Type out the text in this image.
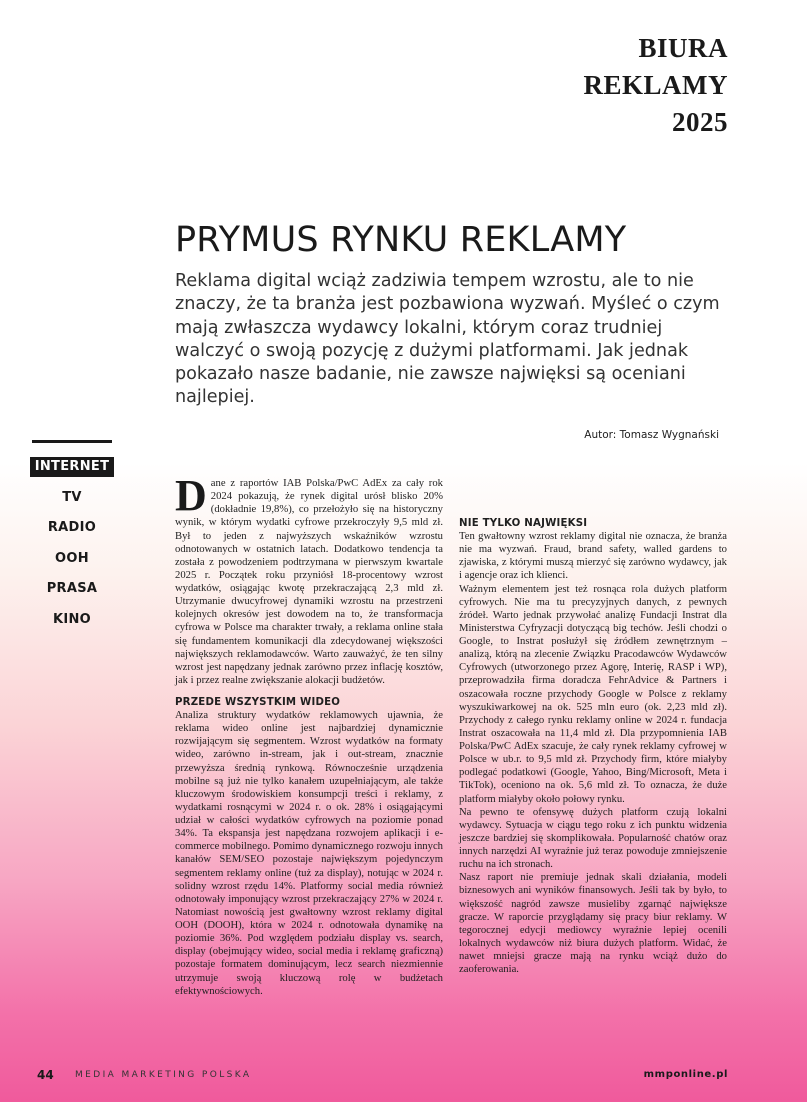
BIURA
REKLAMY
2025
PRYMUS RYNKU REKLAMY

Reklama digital wciąż zadziwia tempem wzrostu, ale to nie znaczy, że ta branża jest pozbawiona wyzwań. Myśleć o czym mają zwłaszcza wydawcy lokalni, którym coraz trudniej walczyć o swoją pozycję z dużymi platformami. Jak jednak pokazało nasze badanie, nie zawsze najwięksi są oceniani najlepiej.

Autor: Tomasz Wygnański

INTERNET
TV
RADIO
OOH
PRASA
KINO

Dane z raportów IAB Polska/PwC AdEx za cały rok 2024 pokazują, że rynek digital urósł blisko 20% (dokładnie 19,8%), co przełożyło się na historyczny wynik, w którym wydatki cyfrowe przekroczyły 9,5 mld zł. Był to jeden z najwyższych wskaźników wzrostu odnotowanych w ostatnich latach. Dodatkowo tendencja ta została z powodzeniem podtrzymana w pierwszym kwartale 2025 r. Początek roku przyniósł 18-procentowy wzrost wydatków, osiągając kwotę przekraczającą 2,3 mld zł. Utrzymanie dwucyfrowej dynamiki wzrostu na przestrzeni kolejnych okresów jest dowodem na to, że transformacja cyfrowa w Polsce ma charakter trwały, a reklama online stała się fundamentem komunikacji dla zdecydowanej większości największych reklamodawców. Warto zauważyć, że ten silny wzrost jest napędzany jednak zarówno przez inflację kosztów, jak i przez realne zwiększanie alokacji budżetów.

PRZEDE WSZYSTKIM WIDEO

Analiza struktury wydatków reklamowych ujawnia, że reklama wideo online jest najbardziej dynamicznie rozwijającym się segmentem. Wzrost wydatków na formaty wideo, zarówno in-stream, jak i out-stream, znacznie przewyższa średnią rynkową. Równocześnie urządzenia mobilne są już nie tylko kanałem uzupełniającym, ale także kluczowym środowiskiem konsumpcji treści i reklamy, z wydatkami rosnącymi w 2024 r. o ok. 28% i osiągającymi udział w całości wydatków cyfrowych na poziomie ponad 34%. Ta ekspansja jest napędzana rozwojem aplikacji i e-commerce mobilnego. Pomimo dynamicznego rozwoju innych kanałów SEM/SEO pozostaje największym pojedynczym segmentem reklamy online (tuż za display), notując w 2024 r. solidny wzrost rzędu 14%. Platformy social media również odnotowały imponujący wzrost przekraczający 27% w 2024 r. Natomiast nowością jest gwałtowny wzrost reklamy digital OOH (DOOH), która w 2024 r. odnotowała dynamikę na poziomie 36%. Pod względem podziału display vs. search, display (obejmujący wideo, social media i reklamę graficzną) pozostaje formatem dominującym, lecz search niezmiennie utrzymuje swoją kluczową rolę w budżetach efektywnościowych.

NIE TYLKO NAJWIĘKSI

Ten gwałtowny wzrost reklamy digital nie oznacza, że branża nie ma wyzwań. Fraud, brand safety, walled gardens to zjawiska, z którymi muszą mierzyć się zarówno wydawcy, jak i agencje oraz ich klienci.

Ważnym elementem jest też rosnąca rola dużych platform cyfrowych. Nie ma tu precyzyjnych danych, z pewnych źródeł. Warto jednak przywołać analizę Fundacji Instrat dla Ministerstwa Cyfryzacji dotyczącą big techów. Jeśli chodzi o Google, to Instrat posłużył się źródłem zewnętrznym – analizą, którą na zlecenie Związku Pracodawców Wydawców Cyfrowych (utworzonego przez Agorę, Interię, RASP i WP), przeprowadziła firma doradcza FehrAdvice & Partners i oszacowała roczne przychody Google w Polsce z reklamy wyszukiwarkowej na ok. 525 mln euro (ok. 2,23 mld zł). Przychody z całego rynku reklamy online w 2024 r. fundacja Instrat oszacowała na 11,4 mld zł. Dla przypomnienia IAB Polska/PwC AdEx szacuje, że cały rynek reklamy cyfrowej w Polsce w ub.r. to 9,5 mld zł. Przychody firm, które miałyby podlegać podatkowi (Google, Yahoo, Bing/Microsoft, Meta i TikTok), oceniono na ok. 5,6 mld zł. To oznacza, że duże platform miałyby około połowy rynku.

Na pewno te ofensywę dużych platform czują lokalni wydawcy. Sytuacja w ciągu tego roku z ich punktu widzenia jeszcze bardziej się skomplikowała. Popularność chatów oraz innych narzędzi AI wyraźnie już teraz powoduje zmniejszenie ruchu na ich stronach.

Nasz raport nie premiuje jednak skali działania, modeli biznesowych ani wyników finansowych. Jeśli tak by było, to większość nagród zawsze musieliby zgarnąć największe gracze. W raporcie przyglądamy się pracy biur reklamy. W tegorocznej edycji mediowcy wyraźnie lepiej ocenili lokalnych wydawców niż biura dużych platform. Widać, że nawet mniejsi gracze mają na rynku wciąż dużo do zaoferowania.

44 MEDIA MARKETING POLSKA	mmponline.pl
